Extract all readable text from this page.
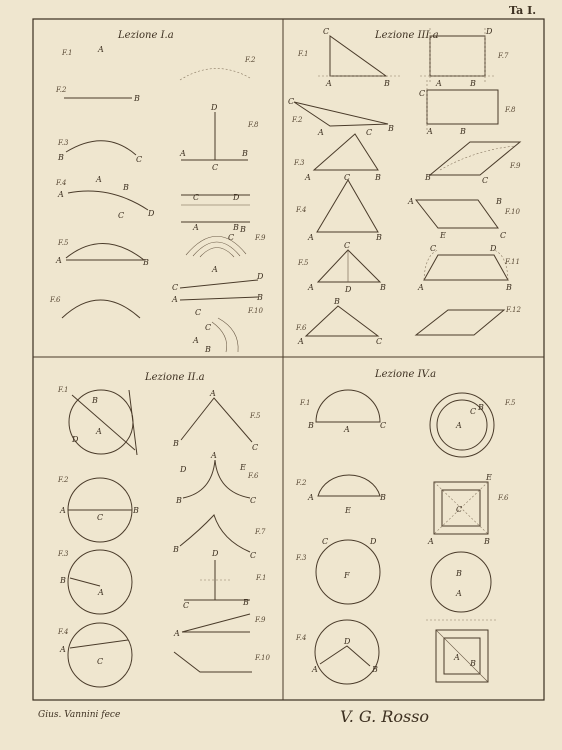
Ta I.
Lezione I.a	Lezione III.a
Lezione II.a	Lezione IV.a
F.1	A
F.2
F.2
B
F.8
D
A	B
C
F.3
B	C
F.4	A
A
B
C	D
C	D
A	B
F.5
A	B
F.9
C
B
A
F.6
C
D
A	B
F.10
C
C
A
B
F.1
C
A	B
D
A	B
F.7
F.2
C
A	C B
C
A	B
F.8
F.3
A	B	B	C
F.9
F.4
C
A	B
A	B
E	C
F.10
F.5
C
A	D	B
C	D
A	B
F.11
F.6
B
A	C
F.12
F.1
B
A
D
A
B	C
F.5
F.2
A
C
B
A
D	E
B	C
F.6
F.3
B
A
B
C
F.7
D
C	B
F.1
F.4
A
C
A
F.9
F.10
F.1
B	A	C	A
C B	F.5
F.2
A
E
B
C
E
A	B
F.6
F.3
C	D
F	B
A
F.4	D
A	B
A
B
Gius. Vannini fece	V. G. Rosso
